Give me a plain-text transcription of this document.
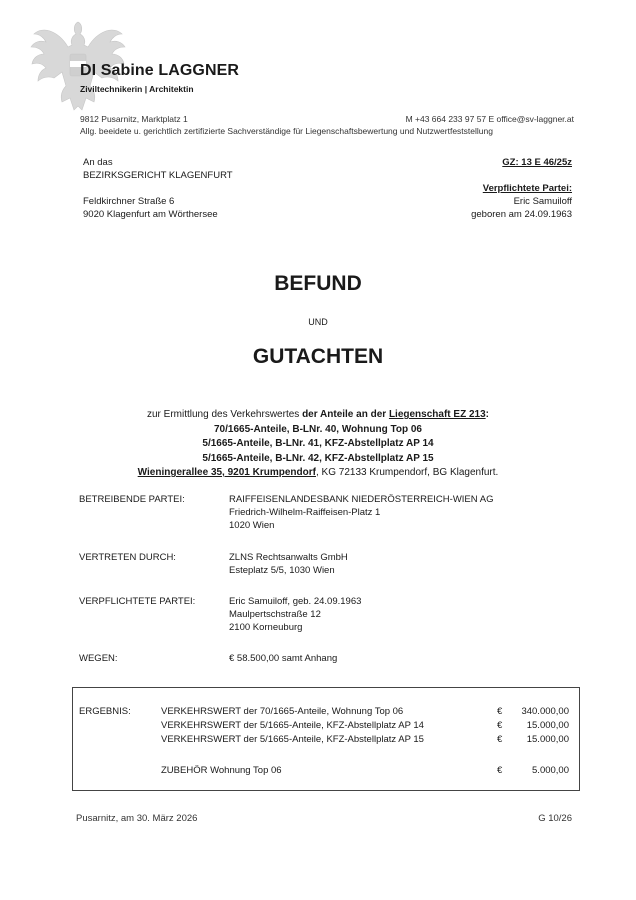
DI Sabine LAGGNER
Ziviltechnikerin | Architektin
9812 Pusarnitz, Marktplatz 1	M +43 664 233 97 57 E office@sv-laggner.at
Allg. beeidete u. gerichtlich zertifizierte Sachverständige für Liegenschaftsbewertung und Nutzwertfeststellung
An das
BEZIRKSGERICHT KLAGENFURT
Feldkirchner Straße 6
9020 Klagenfurt am Wörthersee
GZ: 13 E 46/25z
Verpflichtete Partei:
Eric Samuiloff
geboren am 24.09.1963
BEFUND
UND
GUTACHTEN
zur Ermittlung des Verkehrswertes der Anteile an der Liegenschaft EZ 213:
70/1665-Anteile, B-LNr. 40, Wohnung Top 06
5/1665-Anteile, B-LNr. 41, KFZ-Abstellplatz AP 14
5/1665-Anteile, B-LNr. 42, KFZ-Abstellplatz AP 15
Wieningerallee 35, 9201 Krumpendorf, KG 72133 Krumpendorf, BG Klagenfurt.
BETREIBENDE PARTEI:	RAIFFEISENLANDESBANK NIEDERÖSTERREICH-WIEN AG
Friedrich-Wilhelm-Raiffeisen-Platz 1
1020 Wien
VERTRETEN DURCH:	ZLNS Rechtsanwalts GmbH
Esteplatz 5/5, 1030 Wien
VERPFLICHTETE PARTEI:	Eric Samuiloff, geb. 24.09.1963
Maulpertschstraße 12
2100 Korneuburg
WEGEN:	€ 58.500,00 samt Anhang
ERGEBNIS:	VERKEHRSWERT der 70/1665-Anteile, Wohnung Top 06	€	340.000,00
VERKEHRSWERT der 5/1665-Anteile, KFZ-Abstellplatz AP 14	€	15.000,00
VERKEHRSWERT der 5/1665-Anteile, KFZ-Abstellplatz AP 15	€	15.000,00
ZUBEHÖR Wohnung Top 06	€	5.000,00
Pusarnitz, am 30. März 2026	G 10/26
